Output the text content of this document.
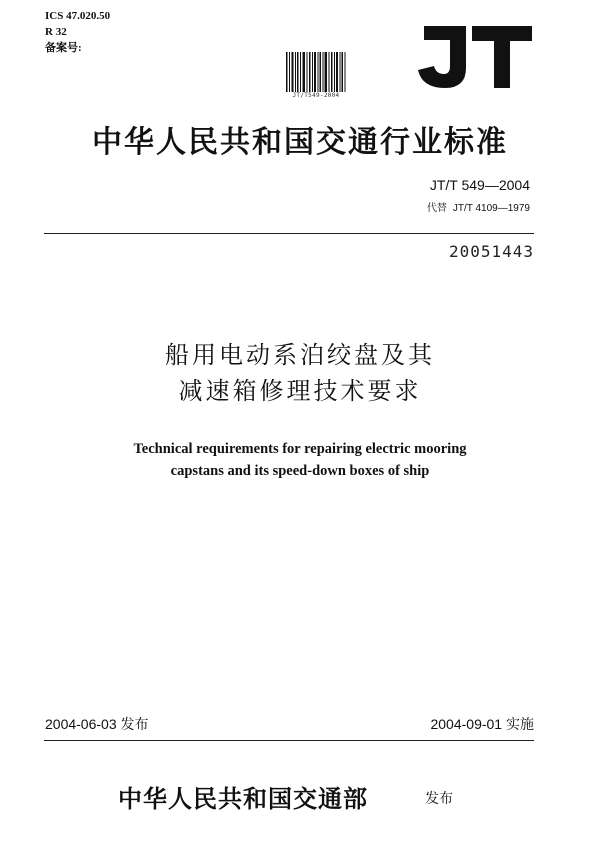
ICS 47.020.50
R 32
备案号:
JT/T549-2004
中华人民共和国交通行业标准
JT/T 549—2004
代替 JT/T 4109—1979
20051443
船用电动系泊绞盘及其
减速箱修理技术要求
Technical requirements for repairing electric mooring
capstans and its speed-down boxes of ship
2004-06-03 发布	2004-09-01 实施
中华人民共和国交通部	发布
